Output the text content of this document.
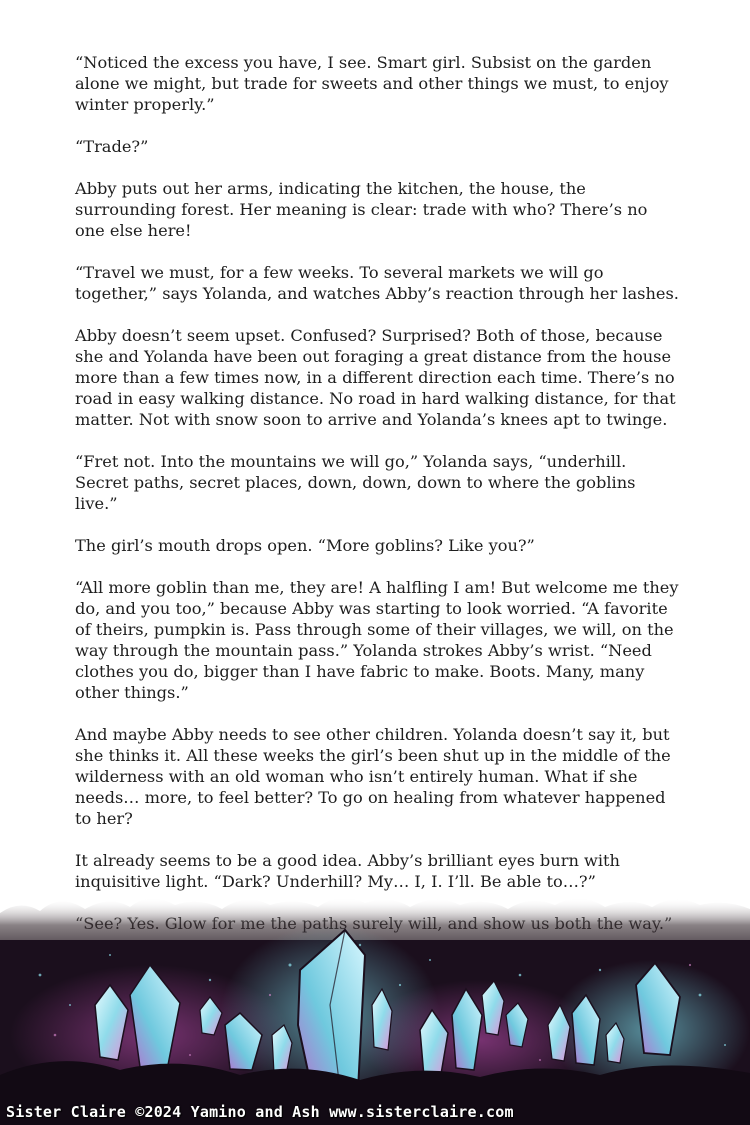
“Noticed the excess you have, I see. Smart girl. Subsist on the garden alone we might, but trade for sweets and other things we must, to enjoy winter properly.”

“Trade?”

Abby puts out her arms, indicating the kitchen, the house, the surrounding forest. Her meaning is clear: trade with who? There’s no one else here!

“Travel we must, for a few weeks. To several markets we will go together,” says Yolanda, and watches Abby’s reaction through her lashes.

Abby doesn’t seem upset. Confused? Surprised? Both of those, because she and Yolanda have been out foraging a great distance from the house more than a few times now, in a different direction each time. There’s no road in easy walking distance. No road in hard walking distance, for that matter. Not with snow soon to arrive and Yolanda’s knees apt to twinge.

“Fret not. Into the mountains we will go,” Yolanda says, “underhill. Secret paths, secret places, down, down, down to where the goblins live.”

The girl’s mouth drops open. “More goblins? Like you?”

“All more goblin than me, they are! A halfling I am! But welcome me they do, and you too,” because Abby was starting to look worried. “A favorite of theirs, pumpkin is. Pass through some of their villages, we will, on the way through the mountain pass.” Yolanda strokes Abby’s wrist. “Need clothes you do, bigger than I have fabric to make. Boots. Many, many other things.”

And maybe Abby needs to see other children. Yolanda doesn’t say it, but she thinks it. All these weeks the girl’s been shut up in the middle of the wilderness with an old woman who isn’t entirely human. What if she needs… more, to feel better? To go on healing from whatever happened to her?

It already seems to be a good idea. Abby’s brilliant eyes burn with inquisitive light. “Dark? Underhill? My… I, I. I’ll. Be able to…?”

Sister Claire ©2024 Yamino and Ash www.sisterclaire.com
